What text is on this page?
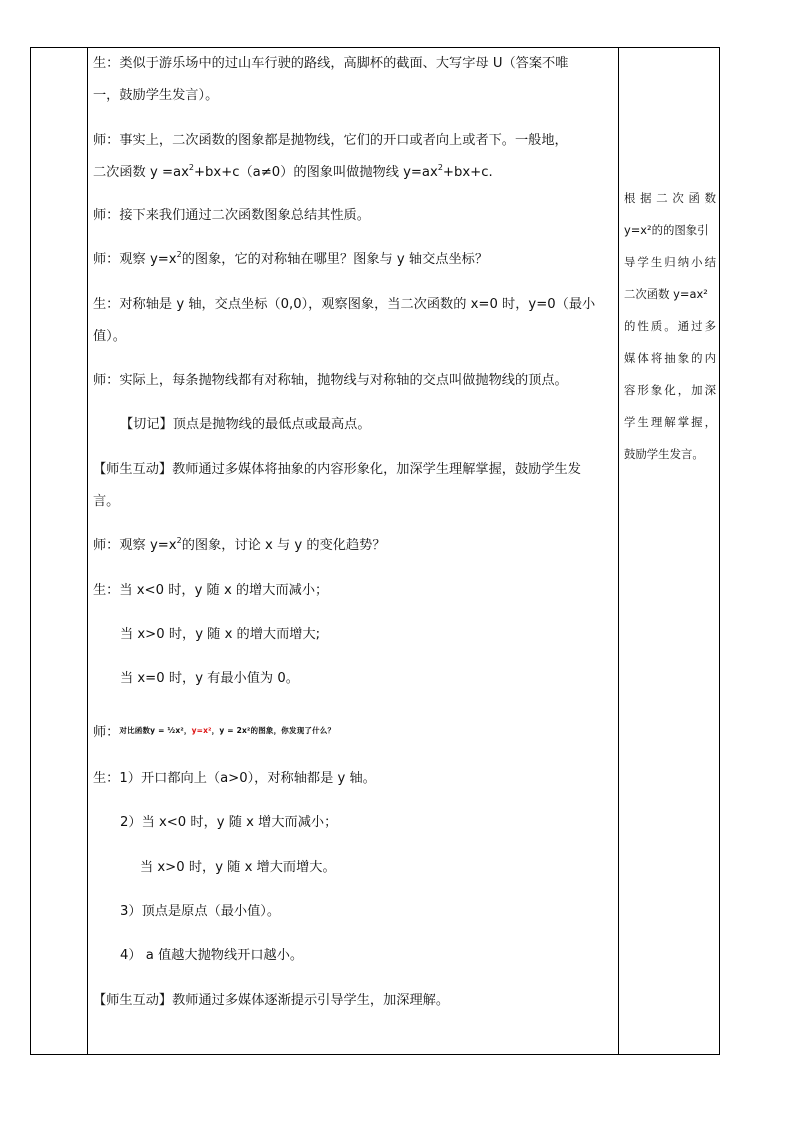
生：类似于游乐场中的过山车行驶的路线，高脚杯的截面、大写字母 U（答案不唯
一，鼓励学生发言）。
师：事实上，二次函数的图象都是抛物线，它们的开口或者向上或者下。一般地，
二次函数 $y =ax^2+bx+c(a\ne 0)$的图象叫做抛物线 $y=ax^2+bx+c$.
师：接下来我们通过二次函数图象总结其性质。
师：观察 $y=x^2$的图象，它的对称轴在哪里？图象与 y 轴交点坐标？
生：对称轴是 y 轴，交点坐标（0,0），观察图象，当二次函数的 x=0 时，y=0（最小
值）。
师：实际上，每条抛物线都有对称轴，抛物线与对称轴的交点叫做抛物线的顶点。
【切记】顶点是抛物线的最低点或最高点。
【师生互动】教师通过多媒体将抽象的内容形象化，加深学生理解掌握，鼓励学生发
言。
师：观察 $y=x^2$的图象，讨论 x 与 y 的变化趋势？
生：当 x<0 时，y 随 x 的增大而减小；
当 x>0 时，y 随 x 的增大而增大;
当 x=0 时，y 有最小值为 0。
师：$^{对比函数y = \frac{1}{2}x^2,y=x^2,y = 2x^2的图象,你发现了什么?}$
生：1）开口都向上（a>0），对称轴都是 y 轴。
2）当 x<0 时，y 随 x 增大而减小；
当 x>0 时，y 随 x 增大而增大。
3）顶点是原点（最小值）。
4） a 值越大抛物线开口越小。
【师生互动】教师通过多媒体逐渐提示引导学生，加深理解。
根据二次函数
y=x²的的图象引
导学生归纳小结
二次函数 y=ax²
的性质。通过多
媒体将抽象的内
容形象化，加深
学生理解掌握，
鼓励学生发言。
